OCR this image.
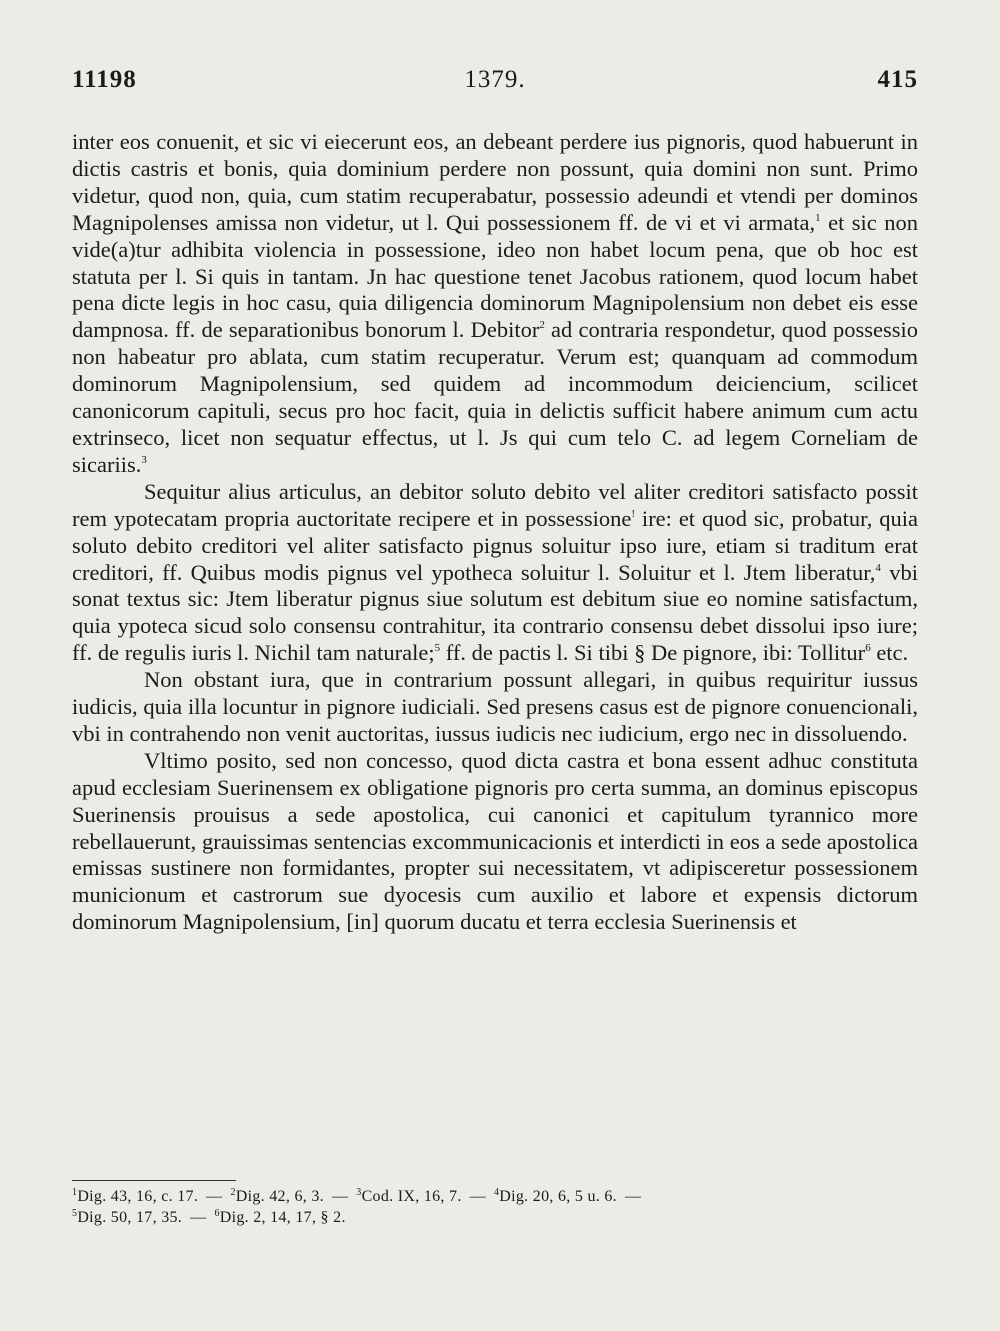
11198	1379.	415

inter eos conuenit, et sic vi eiecerunt eos, an debeant perdere ius pignoris, quod habuerunt in dictis castris et bonis, quia dominium perdere non possunt, quia domini non sunt. Primo videtur, quod non, quia, cum statim recuperabatur, possessio adeundi et vtendi per dominos Magnipolenses amissa non videtur, ut l. Qui possessionem ff. de vi et vi armata,$^1$ et sic non vide(a)tur adhibita violencia in possessione, ideo non habet locum pena, que ob hoc est statuta per l. Si quis in tantam. Jn hac questione tenet Jacobus rationem, quod locum habet pena dicte legis in hoc casu, quia diligencia dominorum Magnipolensium non debet eis esse dampnosa. ff. de separationibus bonorum l. Debitor$^2$ ad contraria respondetur, quod possessio non habeatur pro ablata, cum statim recuperatur. Verum est; quanquam ad commodum dominorum Magnipolensium, sed quidem ad incommodum deiciencium, scilicet canonicorum capituli, secus pro hoc facit, quia in delictis sufficit habere animum cum actu extrinseco, licet non sequatur effectus, ut l. Js qui cum telo C. ad legem Corneliam de sicariis.$^3$

Sequitur alius articulus, an debitor soluto debito vel aliter creditori satisfacto possit rem ypotecatam propria auctoritate recipere et in possessione! ire: et quod sic, probatur, quia soluto debito creditori vel aliter satisfacto pignus soluitur ipso iure, etiam si traditum erat creditori, ff. Quibus modis pignus vel ypotheca soluitur l. Soluitur et l. Jtem liberatur,$^4$ vbi sonat textus sic: Jtem liberatur pignus siue solutum est debitum siue eo nomine satisfactum, quia ypoteca sicud solo consensu contrahitur, ita contrario consensu debet dissolui ipso iure; ff. de regulis iuris l. Nichil tam naturale;$^5$ ff. de pactis l. Si tibi § De pignore, ibi: Tollitur$^6$ etc.

Non obstant iura, que in contrarium possunt allegari, in quibus requiritur iussus iudicis, quia illa locuntur in pignore iudiciali. Sed presens casus est de pignore conuencionali, vbi in contrahendo non venit auctoritas, iussus iudicis nec iudicium, ergo nec in dissoluendo.

Vltimo posito, sed non concesso, quod dicta castra et bona essent adhuc constituta apud ecclesiam Suerinensem ex obligatione pignoris pro certa summa, an dominus episcopus Suerinensis prouisus a sede apostolica, cui canonici et capitulum tyrannico more rebellauerunt, grauissimas sentencias excommunicacionis et interdicti in eos a sede apostolica emissas sustinere non formidantes, propter sui necessitatem, vt adipisceretur possessionem municionum et castrorum sue dyocesis cum auxilio et labore et expensis dictorum dominorum Magnipolensium, [in] quorum ducatu et terra ecclesia Suerinensis et

$^1$Dig. 43, 16, c. 17. — $^2$Dig. 42, 6, 3. — $^3$Cod. IX, 16, 7. — $^4$Dig. 20, 6, 5 u. 6. —
$^5$Dig. 50, 17, 35. — $^6$Dig. 2, 14, 17, § 2.
